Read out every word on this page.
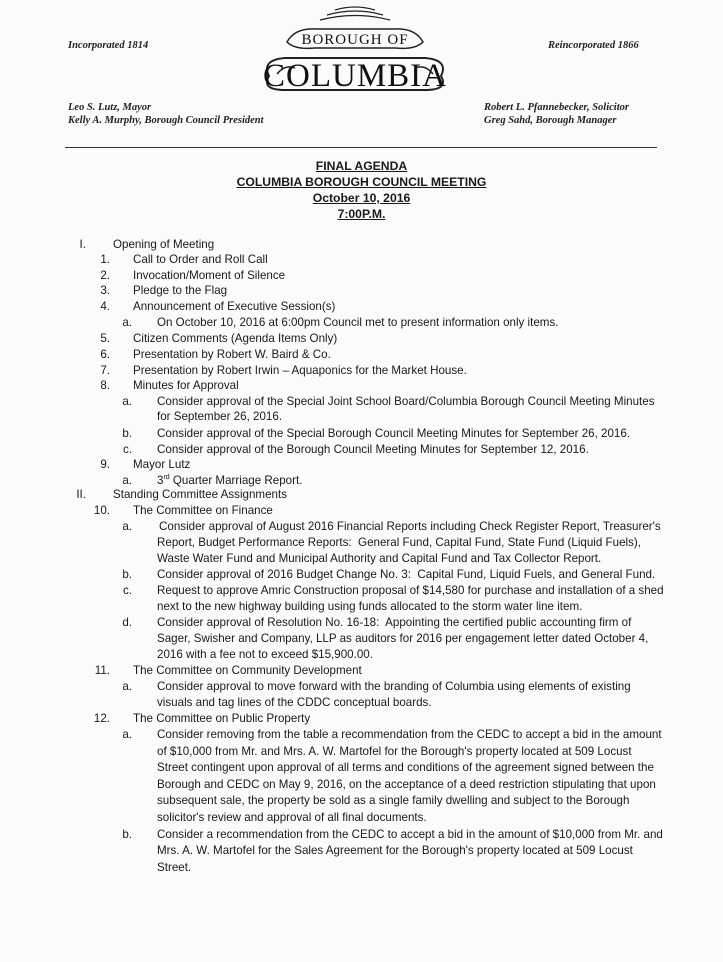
Incorporated 1814	Reincorporated 1866
BOROUGH OF
COLUMBIA
Leo S. Lutz, Mayor
Kelly A. Murphy, Borough Council President
Robert L. Pfannebecker, Solicitor
Greg Sahd, Borough Manager
FINAL AGENDA
COLUMBIA BOROUGH COUNCIL MEETING
October 10, 2016
7:00P.M.
I. Opening of Meeting
1. Call to Order and Roll Call
2. Invocation/Moment of Silence
3. Pledge to the Flag
4. Announcement of Executive Session(s)
a. On October 10, 2016 at 6:00pm Council met to present information only items.
5. Citizen Comments (Agenda Items Only)
6. Presentation by Robert W. Baird & Co.
7. Presentation by Robert Irwin – Aquaponics for the Market House.
8. Minutes for Approval
a. Consider approval of the Special Joint School Board/Columbia Borough Council Meeting Minutes
for September 26, 2016.
b. Consider approval of the Special Borough Council Meeting Minutes for September 26, 2016.
c. Consider approval of the Borough Council Meeting Minutes for September 12, 2016.
9. Mayor Lutz
a. 3rd Quarter Marriage Report.
II. Standing Committee Assignments
10. The Committee on Finance
a. Consider approval of August 2016 Financial Reports including Check Register Report, Treasurer's
Report, Budget Performance Reports:  General Fund, Capital Fund, State Fund (Liquid Fuels),
Waste Water Fund and Municipal Authority and Capital Fund and Tax Collector Report.
b. Consider approval of 2016 Budget Change No. 3:  Capital Fund, Liquid Fuels, and General Fund.
c. Request to approve Amric Construction proposal of $14,580 for purchase and installation of a shed
next to the new highway building using funds allocated to the storm water line item.
d. Consider approval of Resolution No. 16-18:  Appointing the certified public accounting firm of
Sager, Swisher and Company, LLP as auditors for 2016 per engagement letter dated October 4,
2016 with a fee not to exceed $15,900.00.
11. The Committee on Community Development
a. Consider approval to move forward with the branding of Columbia using elements of existing
visuals and tag lines of the CDDC conceptual boards.
12. The Committee on Public Property
a. Consider removing from the table a recommendation from the CEDC to accept a bid in the amount
of $10,000 from Mr. and Mrs. A. W. Martofel for the Borough's property located at 509 Locust
Street contingent upon approval of all terms and conditions of the agreement signed between the
Borough and CEDC on May 9, 2016, on the acceptance of a deed restriction stipulating that upon
subsequent sale, the property be sold as a single family dwelling and subject to the Borough
solicitor's review and approval of all final documents.
b. Consider a recommendation from the CEDC to accept a bid in the amount of $10,000 from Mr. and
Mrs. A. W. Martofel for the Sales Agreement for the Borough's property located at 509 Locust
Street.
